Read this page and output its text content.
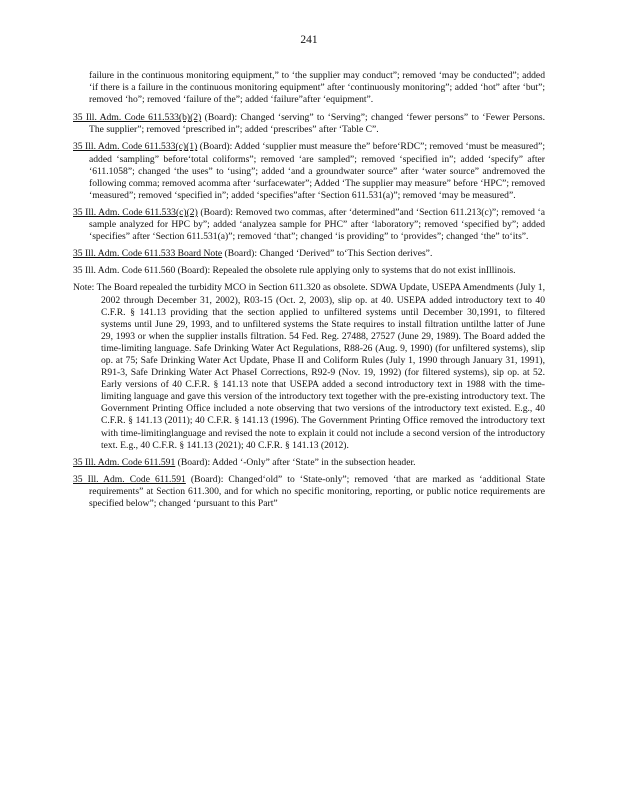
241
failure in the continuous monitoring equipment,” to ‘the supplier may conduct”; removed ‘may be conducted”; added ‘if there is a failure in the continuous monitoring equipment” after ‘continuously monitoring”; added ‘hot” after ‘but”; removed ‘ho”; removed ‘failure of the”; added ‘failure”after ‘equipment”.
35 Ill. Adm. Code 611.533(b)(2) (Board): Changed ‘serving” to ‘Serving”; changed ‘fewer persons” to ‘Fewer Persons. The supplier”; removed ‘prescribed in”; added ‘prescribes” after ‘Table C”.
35 Ill. Adm. Code 611.533(c)(1) (Board): Added ‘supplier must measure the” before‘RDC”; removed ‘must be measured”; added ‘sampling” before‘total coliforms”; removed ‘are sampled”; removed ‘specified in”; added ‘specify” after ‘611.1058”; changed ‘the uses” to ‘using”; added ‘and a groundwater source” after ‘water source” andremoved the following comma; removed acomma after ‘surfacewater”; Added ‘The supplier may measure” before ‘HPC”; removed ‘measured”; removed ‘specified in”; added ‘specifies”after ‘Section 611.531(a)”; removed ‘may be measured”.
35 Ill. Adm. Code 611.533(c)(2) (Board): Removed two commas, after ‘determined”and ‘Section 611.213(c)”; removed ‘a sample analyzed for HPC by”; added ‘analyzea sample for PHC” after ‘laboratory”; removed ‘specified by”; added ‘specifies” after ‘Section 611.531(a)”; removed ‘that”; changed ‘is providing” to ‘provides”; changed ‘the” to‘its”.
35 Ill. Adm. Code 611.533 Board Note (Board): Changed ‘Derived” to‘This Section derives”.
35 Ill. Adm. Code 611.560 (Board): Repealed the obsolete rule applying only to systems that do not exist inIllinois.
Note: The Board repealed the turbidity MCO in Section 611.320 as obsolete. SDWA Update, USEPA Amendments (July 1, 2002 through December 31, 2002), R03-15 (Oct. 2, 2003), slip op. at 40. USEPA added introductory text to 40 C.F.R. § 141.13 providing that the section applied to unfiltered systems until December 30,1991, to filtered systems until June 29, 1993, and to unfiltered systems the State requires to install filtration untilthe latter of June 29, 1993 or when the supplier installs filtration. 54 Fed. Reg. 27488, 27527 (June 29, 1989). The Board added the time-limiting language. Safe Drinking Water Act Regulations, R88-26 (Aug. 9, 1990) (for unfiltered systems), slip op. at 75; Safe Drinking Water Act Update, Phase II and Coliform Rules (July 1, 1990 through January 31, 1991), R91-3, Safe Drinking Water Act PhaseI Corrections, R92-9 (Nov. 19, 1992) (for filtered systems), sip op. at 52. Early versions of 40 C.F.R. § 141.13 note that USEPA added a second introductory text in 1988 with the time-limiting language and gave this version of the introductory text together with the pre-existing introductory text. The Government Printing Office included a note observing that two versions of the introductory text existed. E.g., 40 C.F.R. § 141.13 (2011); 40 C.F.R. § 141.13 (1996). The Government Printing Office removed the introductory text with time-limitinglanguage and revised the note to explain it could not include a second version of the introductory text. E.g., 40 C.F.R. § 141.13 (2021); 40 C.F.R. § 141.13 (2012).
35 Ill. Adm. Code 611.591 (Board): Added ‘-Only” after ‘State” in the subsection header.
35 Ill. Adm. Code 611.591 (Board): Changed‘old” to ‘State-only”; removed ‘that are marked as ‘additional State requirements” at Section 611.300, and for which no specific monitoring, reporting, or public notice requirements are specified below”; changed ‘pursuant to this Part”
